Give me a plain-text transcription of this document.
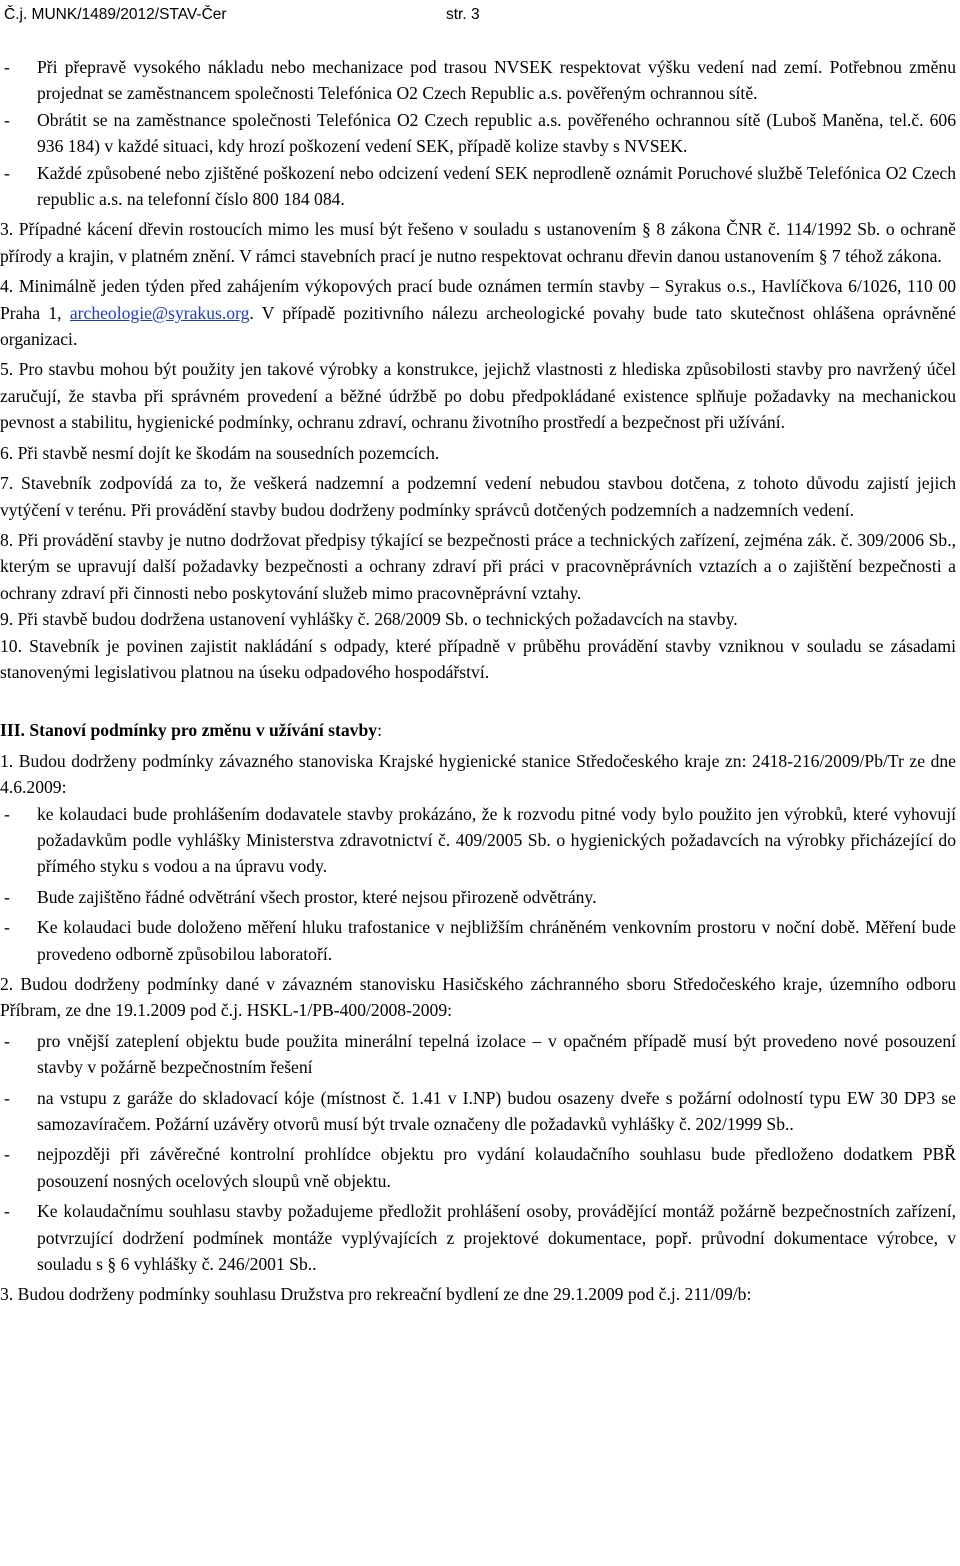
Č.j. MUNK/1489/2012/STAV-Čer	str. 3
- Při přepravě vysokého nákladu nebo mechanizace pod trasou NVSEK respektovat výšku vedení nad zemí. Potřebnou změnu projednat se zaměstnancem společnosti Telefónica O2 Czech Republic a.s. pověřeným ochrannou sítě.
- Obrátit se na zaměstnance společnosti Telefónica O2 Czech republic a.s. pověřeného ochrannou sítě (Luboš Maněna, tel.č. 606 936 184) v každé situaci, kdy hrozí poškození vedení SEK, případě kolize stavby s NVSEK.
- Každé způsobené nebo zjištěné poškození nebo odcizení vedení SEK neprodleně oznámit Poruchové službě Telefónica O2 Czech republic a.s. na telefonní číslo 800 184 084.

3. Případné kácení dřevin rostoucích mimo les musí být řešeno v souladu s ustanovením § 8 zákona ČNR č. 114/1992 Sb. o ochraně přírody a krajin, v platném znění. V rámci stavebních prací je nutno respektovat ochranu dřevin danou ustanovením § 7 téhož zákona.

4. Minimálně jeden týden před zahájením výkopových prací bude oznámen termín stavby – Syrakus o.s., Havlíčkova 6/1026, 110 00 Praha 1, archeologie@syrakus.org. V případě pozitivního nálezu archeologické povahy bude tato skutečnost ohlášena oprávněné organizaci.

5. Pro stavbu mohou být použity jen takové výrobky a konstrukce, jejichž vlastnosti z hlediska způsobilosti stavby pro navržený účel zaručují, že stavba při správném provedení a běžné údržbě po dobu předpokládané existence splňuje požadavky na mechanickou pevnost a stabilitu, hygienické podmínky, ochranu zdraví, ochranu životního prostředí a bezpečnost při užívání.

6. Při stavbě nesmí dojít ke škodám na sousedních pozemcích.

7. Stavebník zodpovídá za to, že veškerá nadzemní a podzemní vedení nebudou stavbou dotčena, z tohoto důvodu zajistí jejich vytýčení v terénu. Při provádění stavby budou dodrženy podmínky správců dotčených podzemních a nadzemních vedení.

8. Při provádění stavby je nutno dodržovat předpisy týkající se bezpečnosti práce a technických zařízení, zejména zák. č. 309/2006 Sb., kterým se upravují další požadavky bezpečnosti a ochrany zdraví při práci v pracovněprávních vztazích a o zajištění bezpečnosti a ochrany zdraví při činnosti nebo poskytování služeb mimo pracovněprávní vztahy.

9. Při stavbě budou dodržena ustanovení vyhlášky č. 268/2009 Sb. o technických požadavcích na stavby.

10. Stavebník je povinen zajistit nakládání s odpady, které případně v průběhu provádění stavby vzniknou v souladu se zásadami stanovenými legislativou platnou na úseku odpadového hospodářství.

III. Stanoví podmínky pro změnu v užívání stavby:

1. Budou dodrženy podmínky závazného stanoviska Krajské hygienické stanice Středočeského kraje zn: 2418-216/2009/Pb/Tr ze dne 4.6.2009:

- ke kolaudaci bude prohlášením dodavatele stavby prokázáno, že k rozvodu pitné vody bylo použito jen výrobků, které vyhovují požadavkům podle vyhlášky Ministerstva zdravotnictví č. 409/2005 Sb. o hygienických požadavcích na výrobky přicházející do přímého styku s vodou a na úpravu vody.
- Bude zajištěno řádné odvětrání všech prostor, které nejsou přirozeně odvětrány.
- Ke kolaudaci bude doloženo měření hluku trafostanice v nejbližším chráněném venkovním prostoru v noční době. Měření bude provedeno odborně způsobilou laboratoří.

2. Budou dodrženy podmínky dané v závazném stanovisku Hasičského záchranného sboru Středočeského kraje, územního odboru Příbram, ze dne 19.1.2009 pod č.j. HSKL-1/PB-400/2008-2009:

- pro vnější zateplení objektu bude použita minerální tepelná izolace – v opačném případě musí být provedeno nové posouzení stavby v požárně bezpečnostním řešení
- na vstupu z garáže do skladovací kóje (místnost č. 1.41 v I.NP) budou osazeny dveře s požární odolností typu EW 30 DP3 se samozavíračem. Požární uzávěry otvorů musí být trvale označeny dle požadavků vyhlášky č. 202/1999 Sb..
- nejpozději při závěrečné kontrolní prohlídce objektu pro vydání kolaudačního souhlasu bude předloženo dodatkem PBŘ posouzení nosných ocelových sloupů vně objektu.
- Ke kolaudačnímu souhlasu stavby požadujeme předložit prohlášení osoby, provádějící montáž požárně bezpečnostních zařízení, potvrzující dodržení podmínek montáže vyplývajících z projektové dokumentace, popř. průvodní dokumentace výrobce, v souladu s § 6 vyhlášky č. 246/2001 Sb..

3. Budou dodrženy podmínky souhlasu Družstva pro rekreační bydlení ze dne 29.1.2009 pod č.j. 211/09/b:
